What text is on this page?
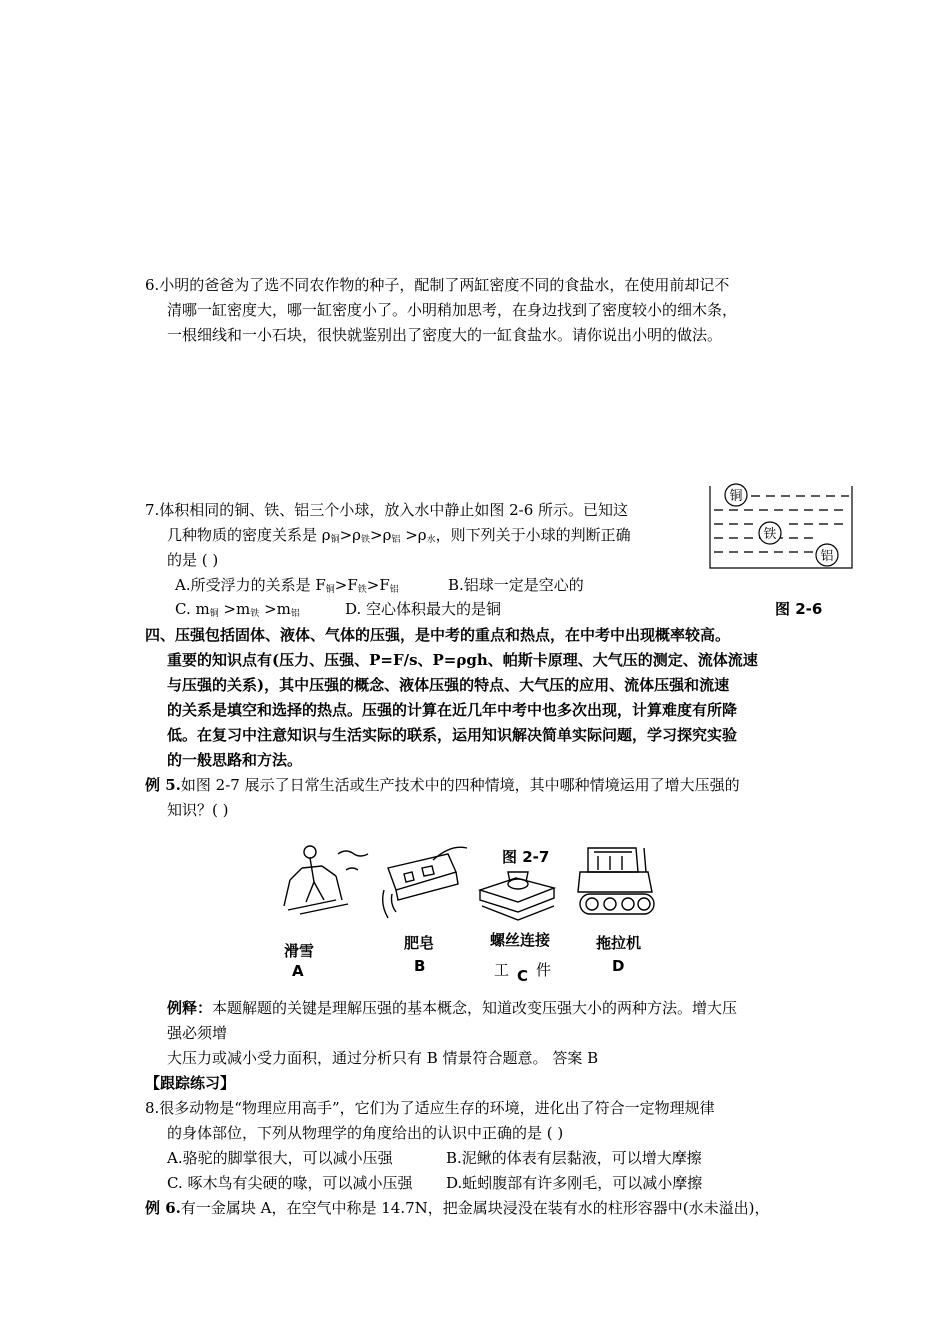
6.小明的爸爸为了选不同农作物的种子，配制了两缸密度不同的食盐水，在使用前却记不
清哪一缸密度大，哪一缸密度小了。小明稍加思考，在身边找到了密度较小的细木条，
一根细线和一小石块，很快就鉴别出了密度大的一缸食盐水。请你说出小明的做法。
7.体积相同的铜、铁、铝三个小球，放入水中静止如图 2-6 所示。已知这
几种物质的密度关系是 $\rho_铜>\rho_铁>\rho_铝 >\rho_水$，则下列关于小球的判断正确
的是 ( )
A.所受浮力的关系是 $F_铜>F_铁>F_铝$	B.铝球一定是空心的
C. $m_铜 >m_铁 >m_铝$	D. 空心体积最大的是铜
铜
铁
铝
图 2-6
四、压强包括固体、液体、气体的压强，是中考的重点和热点，在中考中出现概率较高。
重要的知识点有(压力、压强、P=F/s、P=ρgh、帕斯卡原理、大气压的测定、流体流速
与压强的关系)，其中压强的概念、液体压强的特点、大气压的应用、流体压强和流速
的关系是填空和选择的热点。压强的计算在近几年中考中也多次出现，计算难度有所降
低。在复习中注意知识与生活实际的联系，运用知识解决简单实际问题，学习探究实验
的一般思路和方法。
例 5.如图 2-7 展示了日常生活或生产技术中的四种情境，其中哪种情境运用了增大压强的
知识？( )
图 2-7
滑雪
A
肥皂
B
螺丝连接
工 件
C
拖拉机
D
例释：本题解题的关键是理解压强的基本概念，知道改变压强大小的两种方法。增大压
强必须增
大压力或减小受力面积，通过分析只有 B 情景符合题意。 答案 B
【跟踪练习】
8.很多动物是“物理应用高手”，它们为了适应生存的环境，进化出了符合一定物理规律
的身体部位，下列从物理学的角度给出的认识中正确的是 ( )
A.骆驼的脚掌很大，可以减小压强	B.泥鳅的体表有层黏液，可以增大摩擦
C. 啄木鸟有尖硬的喙，可以减小压强 D.蚯蚓腹部有许多刚毛，可以减小摩擦
例 6.有一金属块 A，在空气中称是 14.7N，把金属块浸没在装有水的柱形容器中(水未溢出)，
